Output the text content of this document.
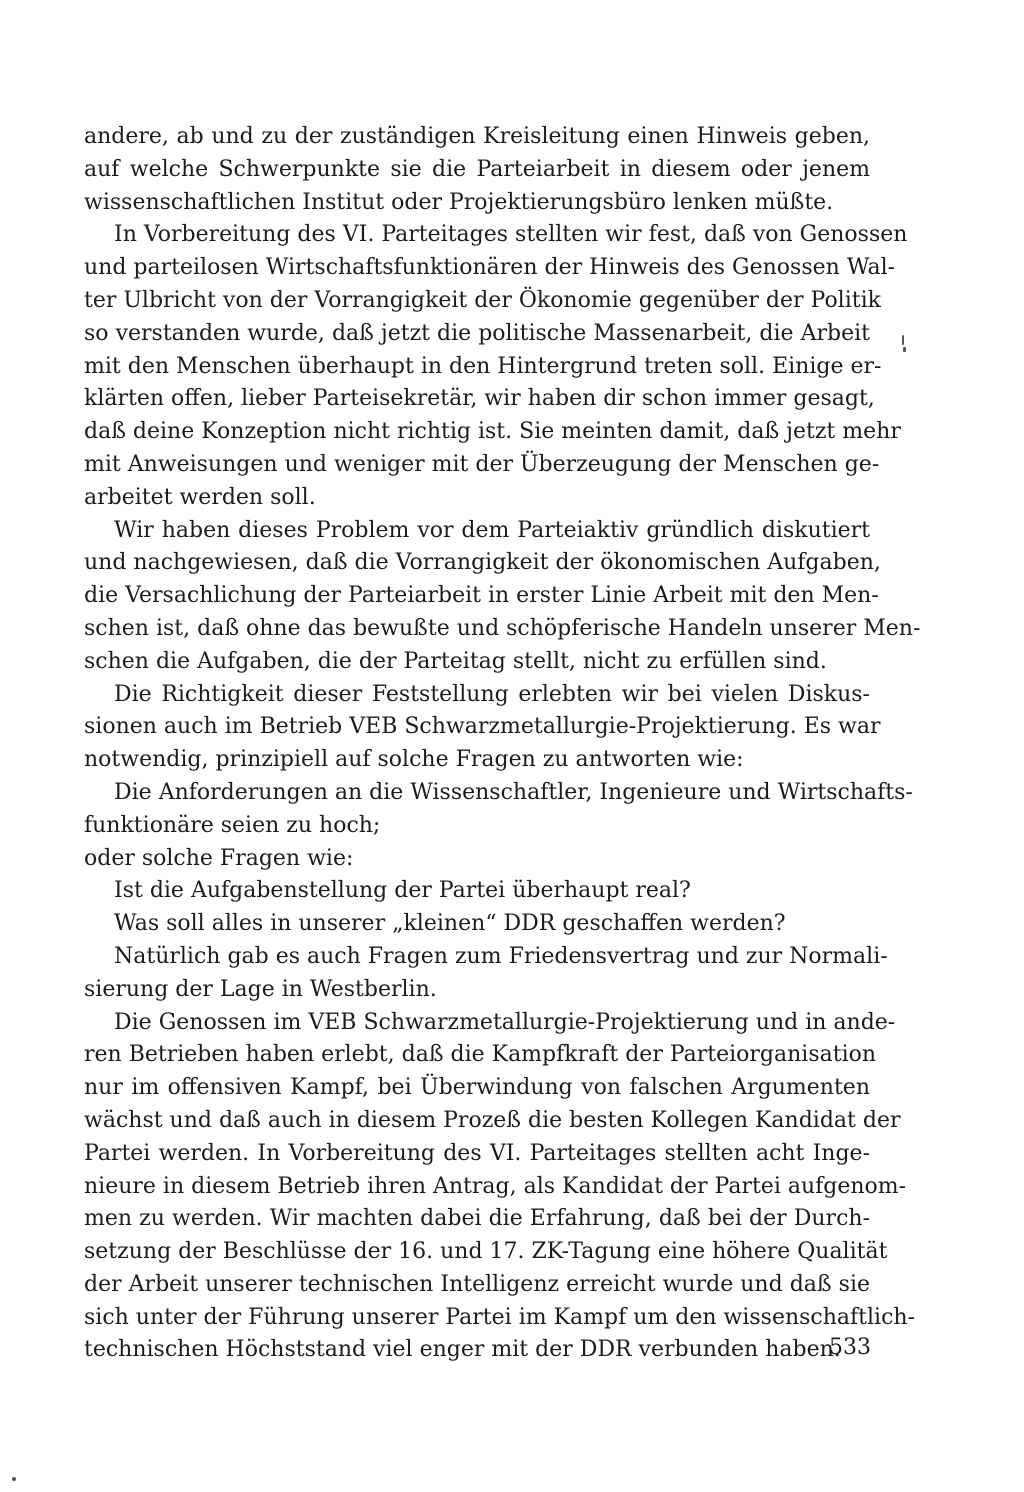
andere, ab und zu der zuständigen Kreisleitung einen Hinweis geben,
auf welche Schwerpunkte sie die Parteiarbeit in diesem oder jenem
wissenschaftlichen Institut oder Projektierungsbüro lenken müßte.
In Vorbereitung des VI. Parteitages stellten wir fest, daß von Genossen
und parteilosen Wirtschaftsfunktionären der Hinweis des Genossen Wal-
ter Ulbricht von der Vorrangigkeit der Ökonomie gegenüber der Politik
so verstanden wurde, daß jetzt die politische Massenarbeit, die Arbeit
mit den Menschen überhaupt in den Hintergrund treten soll. Einige er-
klärten offen, lieber Parteisekretär, wir haben dir schon immer gesagt,
daß deine Konzeption nicht richtig ist. Sie meinten damit, daß jetzt mehr
mit Anweisungen und weniger mit der Überzeugung der Menschen ge-
arbeitet werden soll.
Wir haben dieses Problem vor dem Parteiaktiv gründlich diskutiert
und nachgewiesen, daß die Vorrangigkeit der ökonomischen Aufgaben,
die Versachlichung der Parteiarbeit in erster Linie Arbeit mit den Men-
schen ist, daß ohne das bewußte und schöpferische Handeln unserer Men-
schen die Aufgaben, die der Parteitag stellt, nicht zu erfüllen sind.
Die Richtigkeit dieser Feststellung erlebten wir bei vielen Diskus-
sionen auch im Betrieb VEB Schwarzmetallurgie-Projektierung. Es war
notwendig, prinzipiell auf solche Fragen zu antworten wie:
Die Anforderungen an die Wissenschaftler, Ingenieure und Wirtschafts-
funktionäre seien zu hoch;
oder solche Fragen wie:
Ist die Aufgabenstellung der Partei überhaupt real?
Was soll alles in unserer „kleinen“ DDR geschaffen werden?
Natürlich gab es auch Fragen zum Friedensvertrag und zur Normali-
sierung der Lage in Westberlin.
Die Genossen im VEB Schwarzmetallurgie-Projektierung und in ande-
ren Betrieben haben erlebt, daß die Kampfkraft der Parteiorganisation
nur im offensiven Kampf, bei Überwindung von falschen Argumenten
wächst und daß auch in diesem Prozeß die besten Kollegen Kandidat der
Partei werden. In Vorbereitung des VI. Parteitages stellten acht Inge-
nieure in diesem Betrieb ihren Antrag, als Kandidat der Partei aufgenom-
men zu werden. Wir machten dabei die Erfahrung, daß bei der Durch-
setzung der Beschlüsse der 16. und 17. ZK-Tagung eine höhere Qualität
der Arbeit unserer technischen Intelligenz erreicht wurde und daß sie
sich unter der Führung unserer Partei im Kampf um den wissenschaftlich-
technischen Höchststand viel enger mit der DDR verbunden haben.
533
